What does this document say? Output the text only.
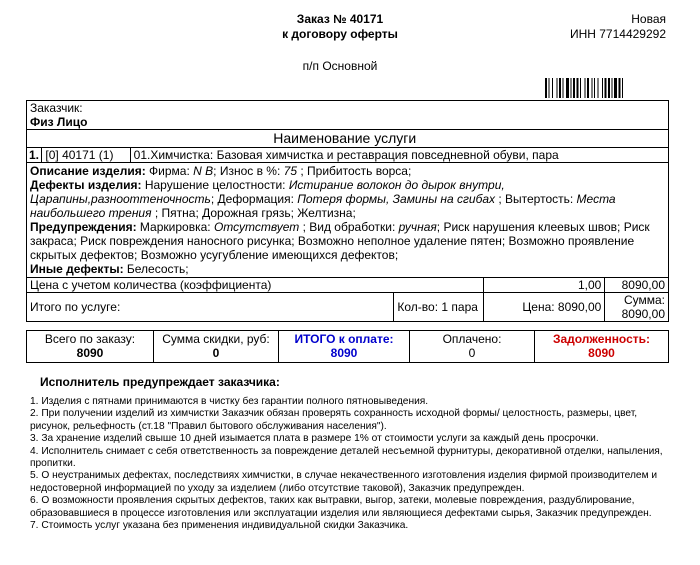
Заказ № 40171
к договору оферты
Новая
ИНН 7714429292
п/п Основной
Заказчик:
Физ Лицо						

			Наименование услуги			
1.	[0] 40171 (1)	01.Химчистка: Базовая химчистка и реставрация повседневной обуви, пара				

Описание изделия: Фирма: N B; Износ в %: 75 ; Прибитость ворса;
Дефекты изделия: Нарушение целостности: Истирание волокон до дырок внутри, Царапины,разнооттеночность; Деформация: Потеря формы, Замины на сгибах ; Вытертость: Места наибольшего трения ; Пятна; Дорожная грязь; Желтизна;
Предупреждения: Маркировка: Отсутствует ; Вид обработки: ручная; Риск нарушения клеевых швов; Риск закраса; Риск повреждения наносного рисунка; Возможно неполное удаление пятен; Возможно проявление скрытых дефектов; Возможно усугубление имеющихся дефектов;
Иные дефекты: Белесость;						

Цена с учетом количества (коэффициента)					1,00	8090,00
Итого по услуге:				Кол-во: 1 пара	Цена: 8090,00	Сумма:
8090,00
Всего по заказу:
8090

Сумма скидки, руб:
0

ИТОГО к оплате:
8090

Оплачено:
0

Задолженность:
8090
Исполнитель предупреждает заказчика:
1. Изделия с пятнами принимаются в чистку без гарантии полного пятновыведения.
2. При получении изделий из химчистки Заказчик обязан проверять сохранность исходной формы/ целостность, размеры, цвет, рисунок, рельефность (ст.18 "Правил бытового обслуживания населения").
3. За хранение изделий свыше 10 дней изымается плата в размере 1% от стоимости услуги за каждый день просрочки.
4. Исполнитель снимает с себя ответственность за повреждение деталей несъемной фурнитуры, декоративной отделки, напыления, пропитки.
5. О неустранимых дефектах, последствиях химчистки, в случае некачественного изготовления изделия фирмой производителем и недостоверной информацией по уходу за изделием (либо отсутствие таковой), Заказчик предупрежден.
6. О возможности проявления скрытых дефектов, таких как вытравки, выгор, затеки, молевые повреждения, раздублирование, образовавшиеся в процессе изготовления или эксплуатации изделия или являющиеся дефектами сырья, Заказчик предупрежден.
7. Стоимость услуг указана без применения индивидуальной скидки Заказчика.
